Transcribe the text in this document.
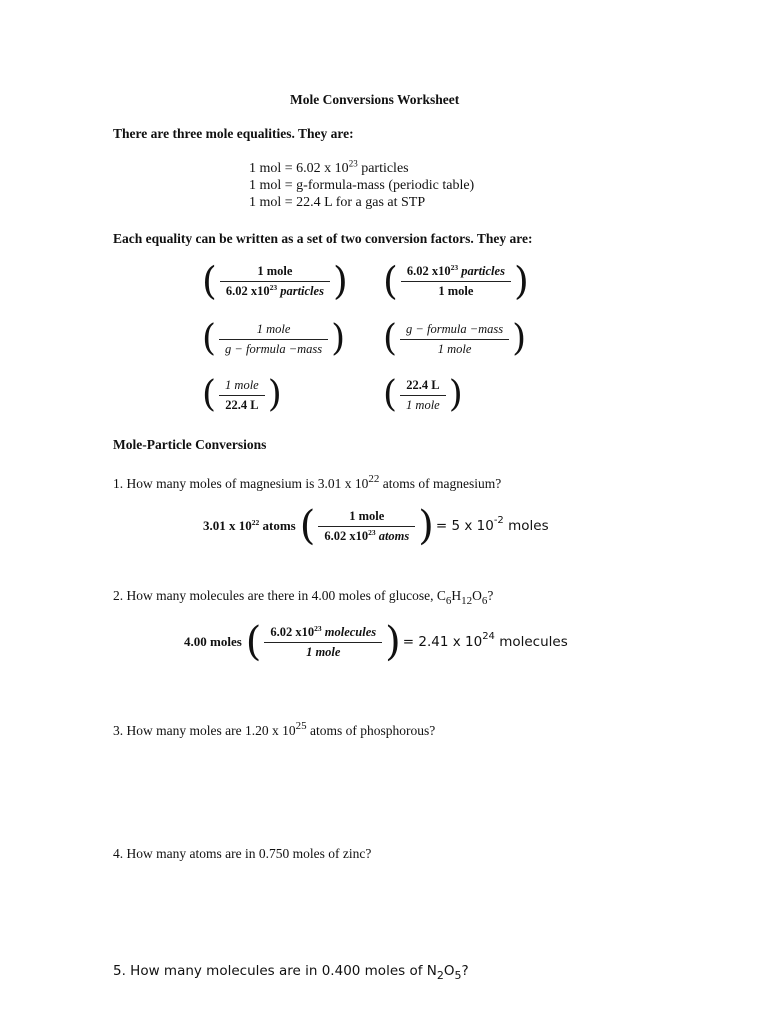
Mole Conversions Worksheet
There are three mole equalities. They are:
1 mol = 6.02 x $10^{23}$ particles
1 mol = g-formula-mass (periodic table)
1 mol = 22.4 L for a gas at STP
Each equality can be written as a set of two conversion factors. They are:
( $\frac{\text{1 mole}}{6.02 x10^{23} particles}$ ) ( $\frac{6.02 x10^{23} particles}{\text{1 mole}}$ )
( $\frac{\text{1 mole}}{\text{g − formula −mass}}$ ) ( $\frac{\text{g − formula −mass}}{\text{1 mole}}$ )
( $\frac{\text{1 mole}}{22.4 L}$ )	( $\frac{22.4 L}{\text{1 mole}}$ )
Mole-Particle Conversions
1. How many moles of magnesium is 3.01 x $10^{22}$ atoms of magnesium?
3.01 x $10^{22}$ atoms ( $\frac{\text{1 mole}}{6.02 x10^{23} atoms}$ ) = 5 x $10^{-2}$ moles
2. How many molecules are there in 4.00 moles of glucose, $C_6H_{12}O_6$?
4.00 moles ( $\frac{6.02 x10^{23} molecules}{\text{1 mole}}$ ) = 2.41 x $10^{24}$ molecules
3. How many moles are 1.20 x $10^{25}$ atoms of phosphorous?
4. How many atoms are in 0.750 moles of zinc?
5. How many molecules are in 0.400 moles of $N_2O_5$?
